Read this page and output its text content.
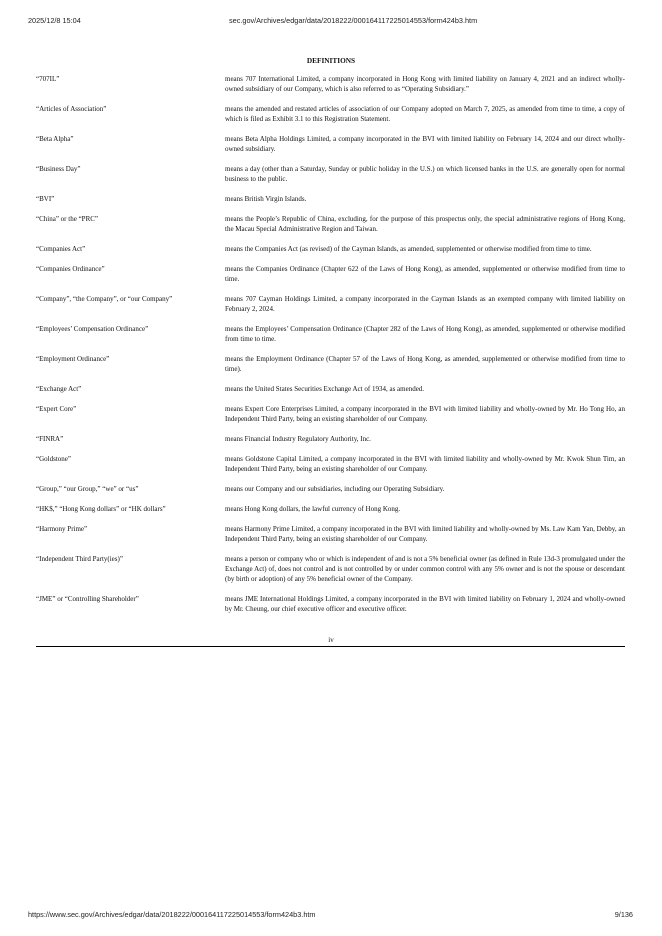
2025/12/8 15:04	sec.gov/Archives/edgar/data/2018222/000164117225014553/form424b3.htm
DEFINITIONS
“707IL”	means 707 International Limited, a company incorporated in Hong Kong with limited liability on January 4, 2021 and an indirect wholly-owned subsidiary of our Company, which is also referred to as “Operating Subsidiary.”
“Articles of Association”	means the amended and restated articles of association of our Company adopted on March 7, 2025, as amended from time to time, a copy of which is filed as Exhibit 3.1 to this Registration Statement.
“Beta Alpha”	means Beta Alpha Holdings Limited, a company incorporated in the BVI with limited liability on February 14, 2024 and our direct wholly-owned subsidiary.
“Business Day”	means a day (other than a Saturday, Sunday or public holiday in the U.S.) on which licensed banks in the U.S. are generally open for normal business to the public.
“BVI”	means British Virgin Islands.
“China” or the “PRC”	means the People’s Republic of China, excluding, for the purpose of this prospectus only, the special administrative regions of Hong Kong, the Macau Special Administrative Region and Taiwan.
“Companies Act”	means the Companies Act (as revised) of the Cayman Islands, as amended, supplemented or otherwise modified from time to time.
“Companies Ordinance”	means the Companies Ordinance (Chapter 622 of the Laws of Hong Kong), as amended, supplemented or otherwise modified from time to time.
“Company”, “the Company”, or “our Company”	means 707 Cayman Holdings Limited, a company incorporated in the Cayman Islands as an exempted company with limited liability on February 2, 2024.
“Employees’ Compensation Ordinance”	means the Employees’ Compensation Ordinance (Chapter 282 of the Laws of Hong Kong), as amended, supplemented or otherwise modified from time to time.
“Employment Ordinance”	means the Employment Ordinance (Chapter 57 of the Laws of Hong Kong, as amended, supplemented or otherwise modified from time to time).
“Exchange Act”	means the United States Securities Exchange Act of 1934, as amended.
“Expert Core”	means Expert Core Enterprises Limited, a company incorporated in the BVI with limited liability and wholly-owned by Mr. Ho Tong Ho, an Independent Third Party, being an existing shareholder of our Company.
“FINRA”	means Financial Industry Regulatory Authority, Inc.
“Goldstone”	means Goldstone Capital Limited, a company incorporated in the BVI with limited liability and wholly-owned by Mr. Kwok Shun Tim, an Independent Third Party, being an existing shareholder of our Company.
“Group,” “our Group,” “we” or “us”	means our Company and our subsidiaries, including our Operating Subsidiary.
“HK$,” “Hong Kong dollars” or “HK dollars”	means Hong Kong dollars, the lawful currency of Hong Kong.
“Harmony Prime”	means Harmony Prime Limited, a company incorporated in the BVI with limited liability and wholly-owned by Ms. Law Kam Yan, Debby, an Independent Third Party, being an existing shareholder of our Company.
“Independent Third Party(ies)”	means a person or company who or which is independent of and is not a 5% beneficial owner (as defined in Rule 13d-3 promulgated under the Exchange Act) of, does not control and is not controlled by or under common control with any 5% owner and is not the spouse or descendant (by birth or adoption) of any 5% beneficial owner of the Company.
“JME” or “Controlling Shareholder”	means JME International Holdings Limited, a company incorporated in the BVI with limited liability on February 1, 2024 and wholly-owned by Mr. Cheung, our chief executive officer and executive officer.
iv
https://www.sec.gov/Archives/edgar/data/2018222/000164117225014553/form424b3.htm	9/136
